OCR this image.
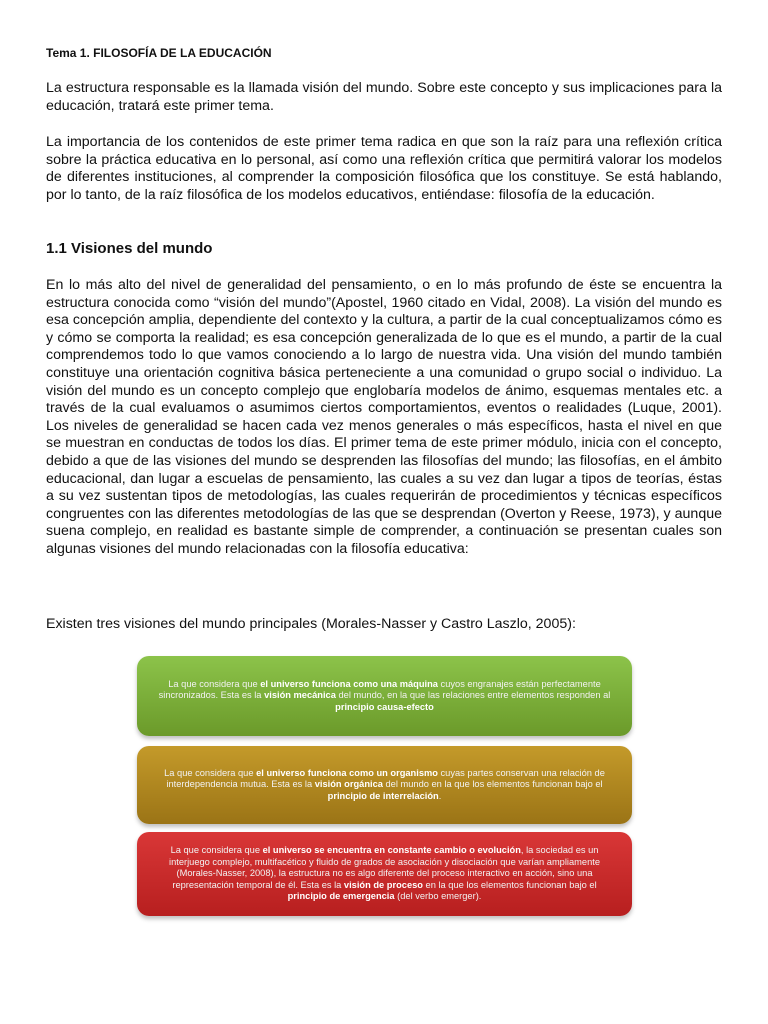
Tema 1. FILOSOFÍA DE LA EDUCACIÓN
La estructura responsable es la llamada visión del mundo. Sobre este concepto y sus implicaciones para la educación, tratará este primer tema.
La importancia de los contenidos de este primer tema radica en que son la raíz para una reflexión crítica sobre la práctica educativa en lo personal, así como una reflexión crítica que permitirá valorar los modelos de diferentes instituciones, al comprender la composición filosófica que los constituye. Se está hablando, por lo tanto, de la raíz filosófica de los modelos educativos, entiéndase: filosofía de la educación.
1.1 Visiones del mundo
En lo más alto del nivel de generalidad del pensamiento, o en lo más profundo de éste se encuentra la estructura conocida como “visión del mundo”(Apostel, 1960 citado en Vidal, 2008). La visión del mundo es esa concepción amplia, dependiente del contexto y la cultura, a partir de la cual conceptualizamos cómo es y cómo se comporta la realidad; es esa concepción generalizada de lo que es el mundo, a partir de la cual comprendemos todo lo que vamos conociendo a lo largo de nuestra vida. Una visión del mundo también constituye una orientación cognitiva básica perteneciente a una comunidad o grupo social o individuo. La visión del mundo es un concepto complejo que englobaría modelos de ánimo, esquemas mentales etc. a través de la cual evaluamos o asumimos ciertos comportamientos, eventos o realidades (Luque, 2001). Los niveles de generalidad se hacen cada vez menos generales o más específicos, hasta el nivel en que se muestran en conductas de todos los días. El primer tema de este primer módulo, inicia con el concepto, debido a que de las visiones del mundo se desprenden las filosofías del mundo; las filosofías, en el ámbito educacional, dan lugar a escuelas de pensamiento, las cuales a su vez dan lugar a tipos de teorías, éstas a su vez sustentan tipos de metodologías, las cuales requerirán de procedimientos y técnicas específicos congruentes con las diferentes metodologías de las que se desprendan (Overton y Reese, 1973), y aunque suena complejo, en realidad es bastante simple de comprender, a continuación se presentan cuales son algunas visiones del mundo relacionadas con la filosofía educativa:
Existen tres visiones del mundo principales (Morales-Nasser y Castro Laszlo, 2005):
La que considera que el universo funciona como una máquina cuyos engranajes están perfectamente sincronizados. Esta es la visión mecánica del mundo, en la que las relaciones entre elementos responden al principio causa-efecto
La que considera que el universo funciona como un organismo cuyas partes conservan una relación de interdependencia mutua. Esta es la visión orgánica del mundo en la que los elementos funcionan bajo el principio de interrelación.
La que considera que el universo se encuentra en constante cambio o evolución, la sociedad es un interjuego complejo, multifacético y fluido de grados de asociación y disociación que varían ampliamente (Morales-Nasser, 2008), la estructura no es algo diferente del proceso interactivo en acción, sino una representación temporal de él. Esta es la visión de proceso en la que los elementos funcionan bajo el principio de emergencia (del verbo emerger).
